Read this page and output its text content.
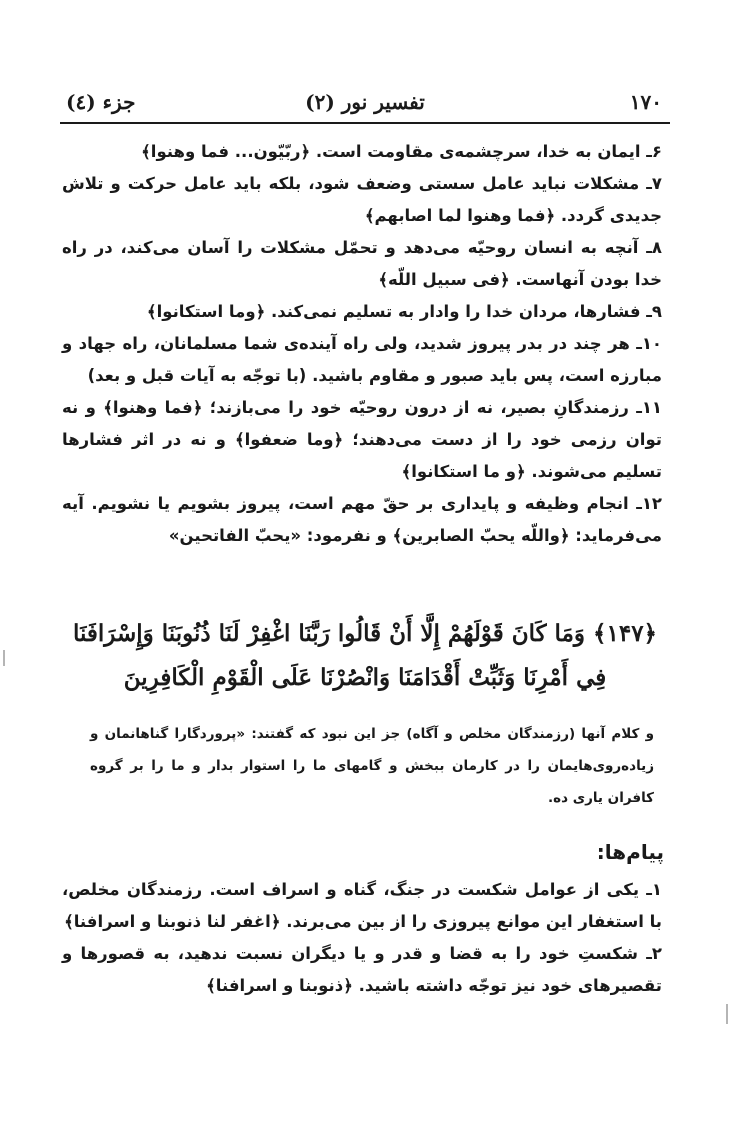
۱۷۰
تفسیر نور (۲)
جزء (٤)

۶ـ ایمان به خدا، سرچشمه‌ی مقاومت است. ﴿ربّیّون... فما وهنوا﴾

۷ـ مشکلات نباید عامل سستی وضعف شود، بلکه باید عامل حرکت و تلاش جدیدی گردد. ﴿فما وهنوا لما اصابهم﴾

۸ـ آنچه به انسان روحیّه می‌دهد و تحمّل مشکلات را آسان می‌کند، در راه خدا بودن آنهاست. ﴿فی سبیل اللّه﴾

۹ـ فشارها، مردان خدا را وادار به تسلیم نمی‌کند. ﴿وما استکانوا﴾

۱۰ـ هر چند در بدر پیروز شدید، ولی راه آینده‌ی شما مسلمانان، راه جهاد و مبارزه است، پس باید صبور و مقاوم باشید. (با توجّه به آیات قبل و بعد)

۱۱ـ رزمندگانِ بصیر، نه از درون روحیّه خود را می‌بازند؛ ﴿فما وهنوا﴾ و نه توان رزمی خود را از دست می‌دهند؛ ﴿وما ضعفوا﴾ و نه در اثر فشارها تسلیم می‌شوند. ﴿و ما استکانوا﴾

۱۲ـ انجام وظیفه و پایداری بر حقّ مهم است، پیروز بشویم یا نشویم. آیه می‌فرماید: ﴿واللّه یحبّ الصابرین﴾ و نفرمود: «یحبّ الفاتحین»

﴿۱۴۷﴾ وَمَا كَانَ قَوْلَهُمْ إِلَّا أَنْ قَالُوا رَبَّنَا اغْفِرْ لَنَا ذُنُوبَنَا وَإِسْرَافَنَا فِي أَمْرِنَا وَثَبِّتْ أَقْدَامَنَا وَانْصُرْنَا عَلَى الْقَوْمِ الْكَافِرِينَ
و کلام آنها (رزمندگان مخلص و آگاه) جز این نبود که گفتند: «پروردگارا گناهانمان و زیاده‌روی‌هایمان را در کارمان ببخش و گامهای ما را استوار بدار و ما را بر گروه کافران یاری ده.
پیام‌ها:

۱ـ یکی از عوامل شکست در جنگ، گناه و اسراف است. رزمندگان مخلص، با استغفار این موانع پیروزی را از بین می‌برند. ﴿اغفر لنا ذنوبنا و اسرافنا﴾

۲ـ شکستِ خود را به قضا و قدر و یا دیگران نسبت ندهید، به قصورها و تقصیرهای خود نیز توجّه داشته باشید. ﴿ذنوبنا و اسرافنا﴾
